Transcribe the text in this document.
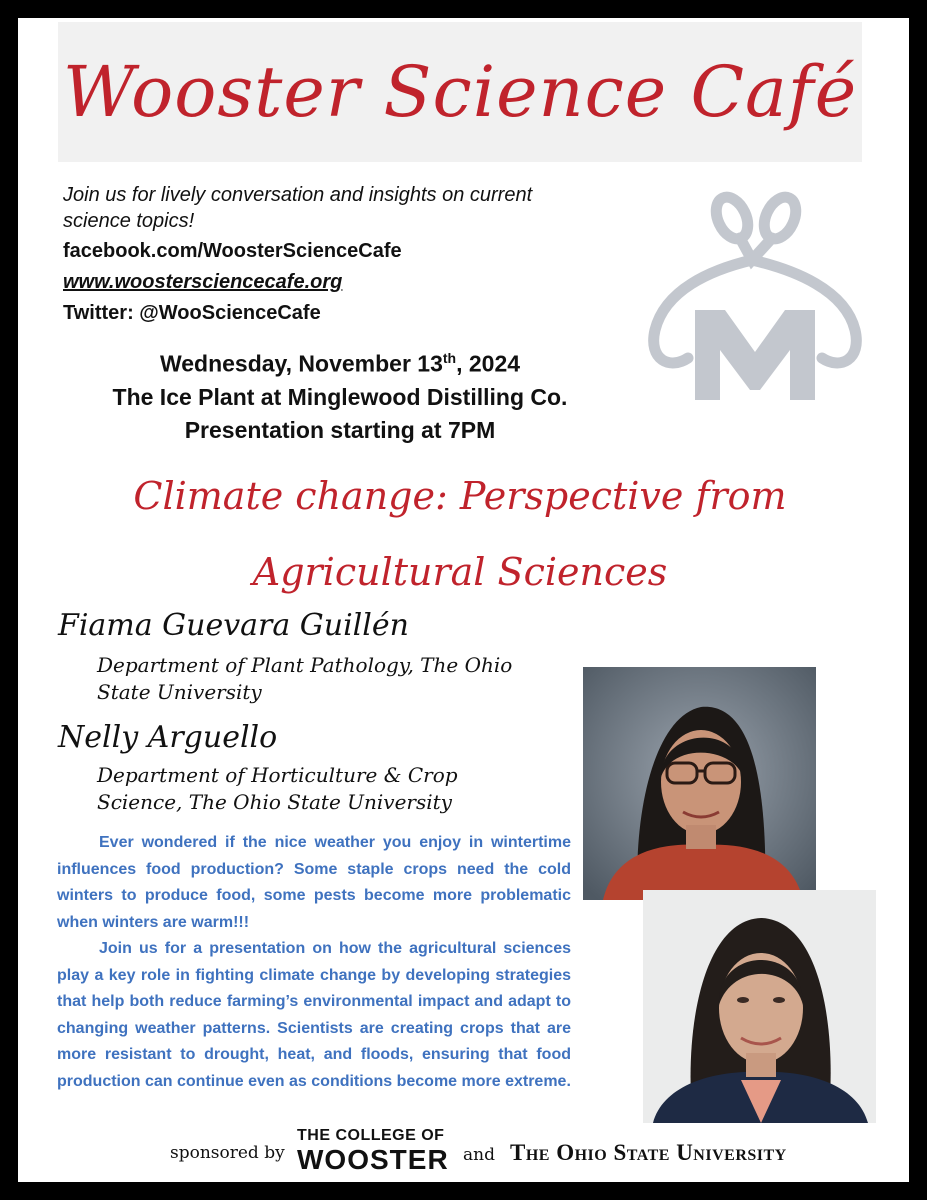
Wooster Science Café
Join us for lively conversation and insights on current science topics!
facebook.com/WoosterScienceCafe
www.woostersciencecafe.org
Twitter: @WooScienceCafe
Wednesday, November 13th, 2024
The Ice Plant at Minglewood Distilling Co.
Presentation starting at 7PM
Climate change: Perspective from
Agricultural Sciences
Fiama Guevara Guillén
Department of Plant Pathology, The Ohio
State University
Nelly Arguello
Department of Horticulture & Crop
Science, The Ohio State University

Ever wondered if the nice weather you enjoy in wintertime influences food production? Some staple crops need the cold winters to produce food, some pests become more problematic when winters are warm!!!

Join us for a presentation on how the agricultural sciences play a key role in fighting climate change by developing strategies that help both reduce farming’s environmental impact and adapt to changing weather patterns. Scientists are creating crops that are more resistant to drought, heat, and floods, ensuring that food production can continue even as conditions become more extreme.

sponsored by
THE COLLEGE OF
WOOSTER and The Ohio State University
